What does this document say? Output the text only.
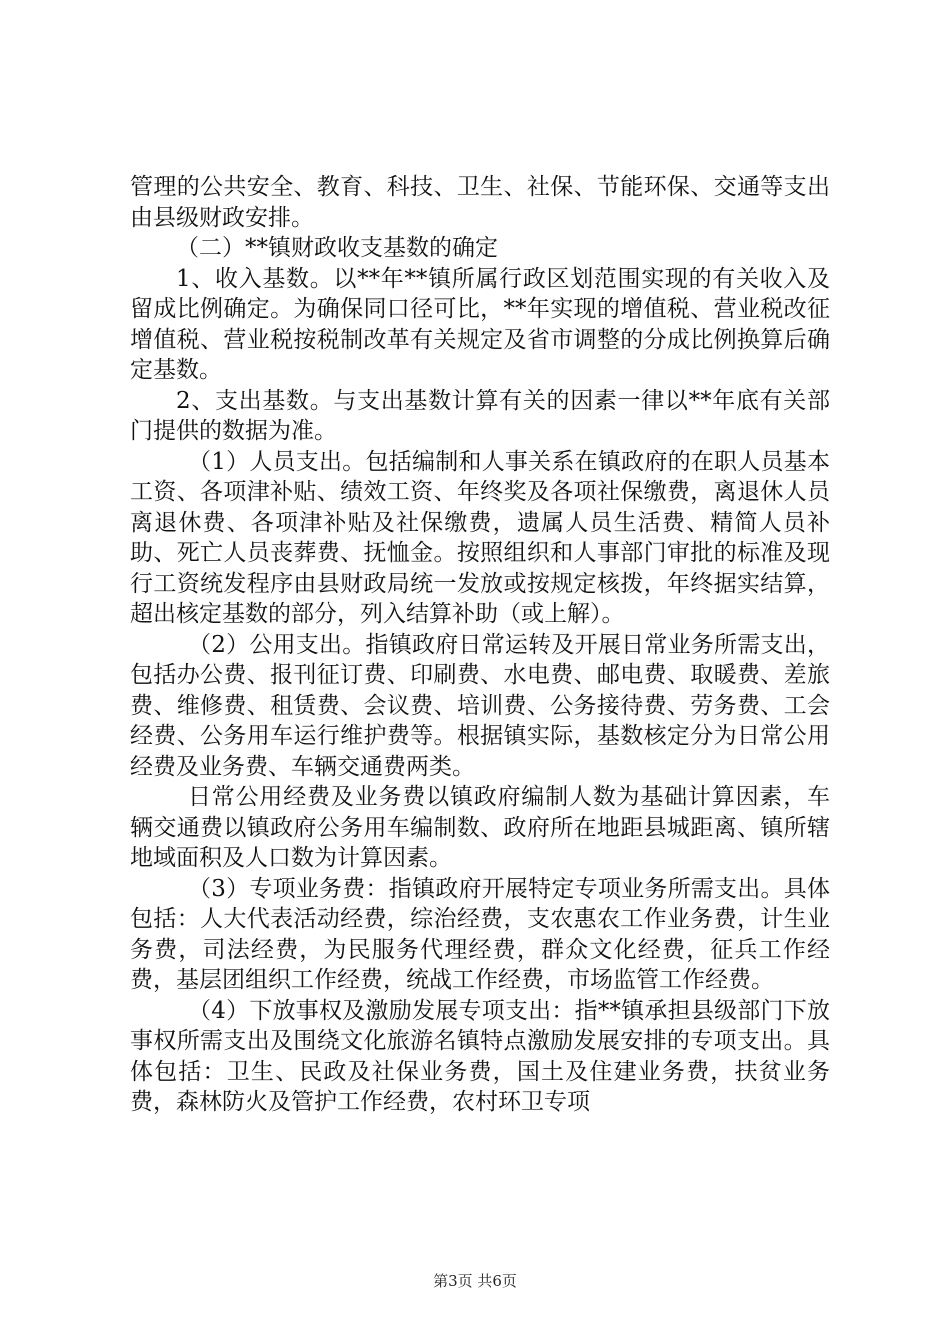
管理的公共安全、教育、科技、卫生、社保、节能环保、交通等支出由县级财政安排。

（二）**镇财政收支基数的确定

1、收入基数。以**年**镇所属行政区划范围实现的有关收入及留成比例确定。为确保同口径可比，**年实现的增值税、营业税改征增值税、营业税按税制改革有关规定及省市调整的分成比例换算后确定基数。

2、支出基数。与支出基数计算有关的因素一律以**年底有关部门提供的数据为准。

（1）人员支出。包括编制和人事关系在镇政府的在职人员基本工资、各项津补贴、绩效工资、年终奖及各项社保缴费，离退休人员离退休费、各项津补贴及社保缴费，遗属人员生活费、精简人员补助、死亡人员丧葬费、抚恤金。按照组织和人事部门审批的标准及现行工资统发程序由县财政局统一发放或按规定核拨，年终据实结算，超出核定基数的部分，列入结算补助（或上解）。

（2）公用支出。指镇政府日常运转及开展日常业务所需支出，包括办公费、报刊征订费、印刷费、水电费、邮电费、取暖费、差旅费、维修费、租赁费、会议费、培训费、公务接待费、劳务费、工会经费、公务用车运行维护费等。根据镇实际，基数核定分为日常公用经费及业务费、车辆交通费两类。

日常公用经费及业务费以镇政府编制人数为基础计算因素，车辆交通费以镇政府公务用车编制数、政府所在地距县城距离、镇所辖地域面积及人口数为计算因素。

（3）专项业务费：指镇政府开展特定专项业务所需支出。具体包括：人大代表活动经费，综治经费，支农惠农工作业务费，计生业务费，司法经费，为民服务代理经费，群众文化经费，征兵工作经费，基层团组织工作经费，统战工作经费，市场监管工作经费。

（4）下放事权及激励发展专项支出：指**镇承担县级部门下放事权所需支出及围绕文化旅游名镇特点激励发展安排的专项支出。具体包括：卫生、民政及社保业务费，国土及住建业务费，扶贫业务费，森林防火及管护工作经费，农村环卫专项

第3页 共6页
